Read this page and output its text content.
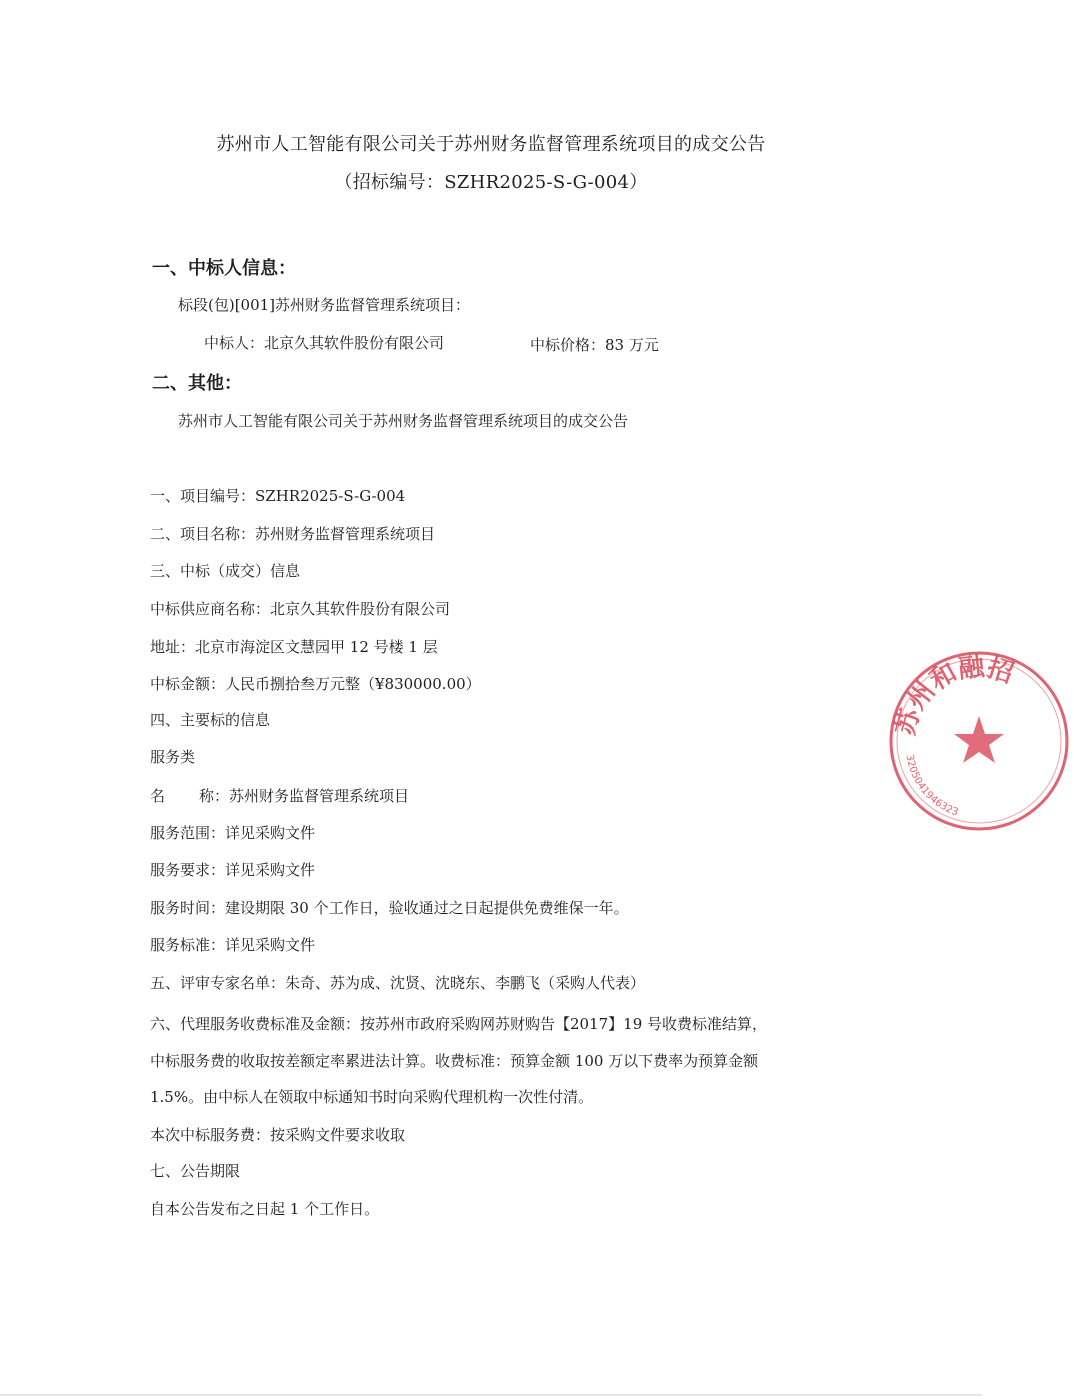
苏州市人工智能有限公司关于苏州财务监督管理系统项目的成交公告
（招标编号：SZHR2025-S-G-004）
一、中标人信息：
标段(包)[001]苏州财务监督管理系统项目：
中标人：北京久其软件股份有限公司	中标价格：83 万元
二、其他：
苏州市人工智能有限公司关于苏州财务监督管理系统项目的成交公告
一、项目编号：SZHR2025-S-G-004
二、项目名称：苏州财务监督管理系统项目
三、中标（成交）信息
中标供应商名称：北京久其软件股份有限公司
地址：北京市海淀区文慧园甲 12 号楼 1 层
中标金额：人民币捌拾叁万元整（¥830000.00）
四、主要标的信息
服务类
名 称：苏州财务监督管理系统项目
服务范围：详见采购文件
服务要求：详见采购文件
服务时间：建设期限 30 个工作日，验收通过之日起提供免费维保一年。
服务标准：详见采购文件
五、评审专家名单：朱奇、苏为成、沈贤、沈晓东、李鹏飞（采购人代表）
六、代理服务收费标准及金额：按苏州市政府采购网苏财购告【2017】19 号收费标准结算，
中标服务费的收取按差额定率累进法计算。收费标准：预算金额 100 万以下费率为预算金额
1.5%。由中标人在领取中标通知书时向采购代理机构一次性付清。
本次中标服务费：按采购文件要求收取
七、公告期限
自本公告发布之日起 1 个工作日。
苏州和融招
3205041946323
